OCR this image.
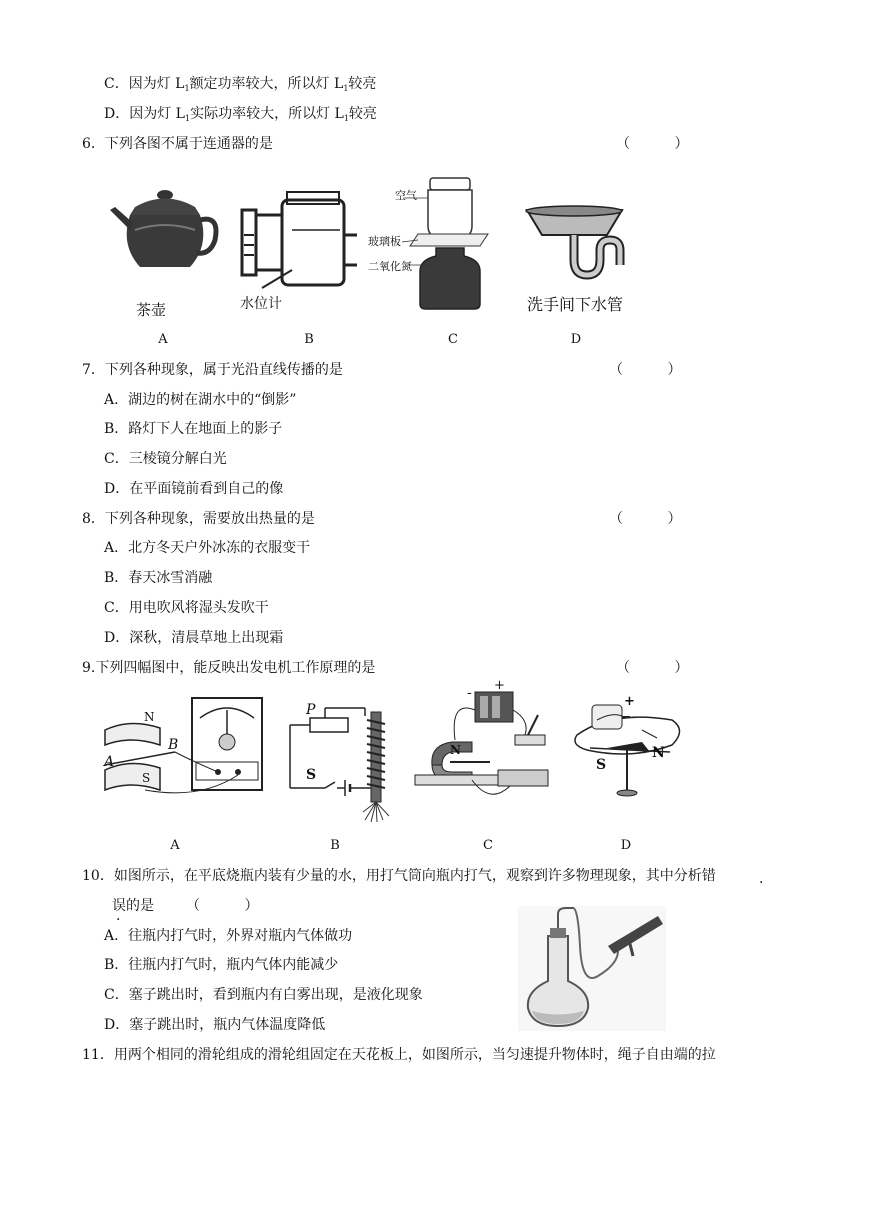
C．因为灯 $L_1$额定功率较大，所以灯 $L_1$较亮
D．因为灯 $L_1$实际功率较大，所以灯 $L_1$较亮
6．下列各图不属于连通器的是	（          ）
茶壶	水位计
空气
玻璃板
二氧化氮
洗手间下水管
A	B	C	D
7．下列各种现象，属于光沿直线传播的是	（          ）
A．湖边的树在湖水中的“倒影”
B．路灯下人在地面上的影子
C．三棱镜分解白光
D．在平面镜前看到自己的像
8．下列各种现象，需要放出热量的是	（          ）
A．北方冬天户外冰冻的衣服变干
B．春天冰雪消融
C．用电吹风将湿头发吹干
D．深秋，清晨草地上出现霜
9.下列四幅图中，能反映出发电机工作原理的是	（          ）
N
S
A
B
P
S
N
- +
+
S
N
A	B	C	D
10．如图所示，在平底烧瓶内装有少量的水，用打气筒向瓶内打气，观察到许多物理现象，其中分析错	·
误的是 （          ）
A．往瓶内打气时，外界对瓶内气体做功
B．往瓶内打气时，瓶内气体内能减少
C．塞子跳出时，看到瓶内有白雾出现，是液化现象
D．塞子跳出时，瓶内气体温度降低
11．用两个相同的滑轮组成的滑轮组固定在天花板上，如图所示，当匀速提升物体时，绳子自由端的拉
